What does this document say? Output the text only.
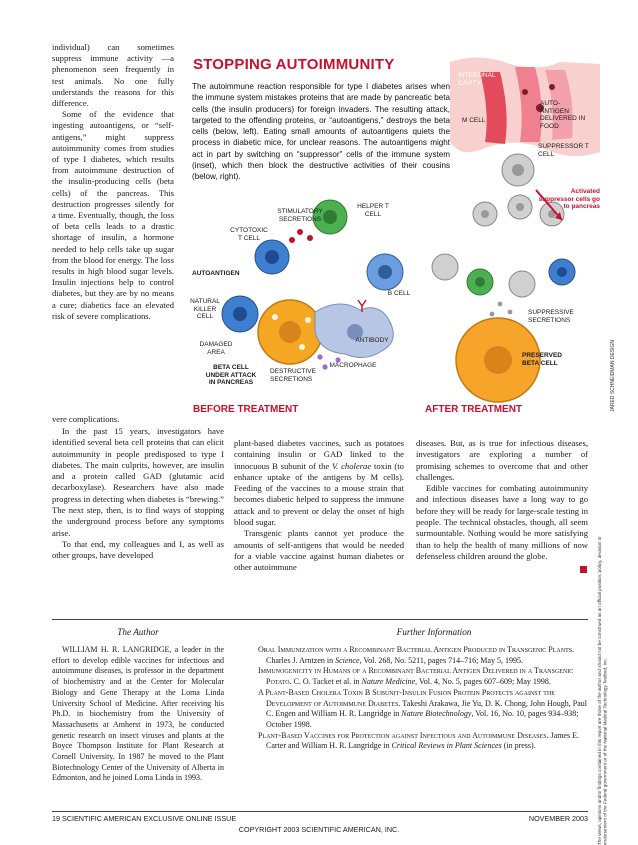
individual) can sometimes suppress immune activity —a phenomenon seen frequently in test animals. No one fully understands the reasons for this difference.

Some of the evidence that ingesting autoantigens, or “self-antigens,” might suppress autoimmunity comes from studies of type I diabetes, which results from autoimmune destruction of the insulin-producing cells (beta cells) of the pancreas. This destruction progresses silently for a time. Eventually, though, the loss of beta cells leads to a drastic shortage of insulin, a hormone needed to help cells take up sugar from the blood for energy. The loss results in high blood sugar levels. Insulin injections help to control diabetes, but they are by no means a cure; diabetics face an elevated risk of severe complications.

STOPPING AUTOIMMUNITY
The autoimmune reaction responsible for type I diabetes arises when the immune system mistakes proteins that are made by pancreatic beta cells (the insulin producers) for foreign invaders. The resulting attack, targeted to the offending proteins, or “autoantigens,” destroys the beta cells (below, left). Eating small amounts of autoantigens quiets the process in diabetic mice, for unclear reasons. The autoantigens might act in part by switching on “suppressor” cells of the immune system (inset), which then block the destructive activities of their cousins (below, right).
INTESTINAL CAVITY
AUTO-ANTIGEN DELIVERED IN FOOD
M CELL
SUPPRESSOR T CELL
Activated suppressor cells go to pancreas
STIMULATORY SECRETIONS
HELPER T CELL
CYTOTOXIC T CELL
AUTOANTIGEN
B CELL
NATURAL KILLER CELL
SUPPRESSIVE SECRETIONS
ANTIBODY
DAMAGED AREA	PRESERVED BETA CELL
MACROPHAGE
BETA CELL UNDER ATTACK IN PANCREAS
DESTRUCTIVE SECRETIONS
BEFORE TREATMENT	AFTER TREATMENT	JARED SCHNEIDMAN DESIGN

vere complications.

In the past 15 years, investigators have identified several beta cell proteins that can elicit autoimmunity in people predisposed to type I diabetes. The main culprits, however, are insulin and a protein called GAD (glutamic acid decarboxylase). Researchers have also made progress in detecting when diabetes is “brewing.” The next step, then, is to find ways of stopping the underground process before any symptoms arise.

To that end, my colleagues and I, as well as other groups, have developed

plant-based diabetes vaccines, such as potatoes containing insulin or GAD linked to the innocuous B subunit of the V. cholerae toxin (to enhance uptake of the antigens by M cells). Feeding of the vaccines to a mouse strain that becomes diabetic helped to suppress the immune attack and to prevent or delay the onset of high blood sugar.

Transgenic plants cannot yet produce the amounts of self-antigens that would be needed for a viable vaccine against human diabetes or other autoimmune

diseases. But, as is true for infectious diseases, investigators are exploring a number of promising schemes to overcome that and other challenges.

Edible vaccines for combating autoimmunity and infectious diseases have a long way to go before they will be ready for large-scale testing in people. The technical obstacles, though, all seem surmountable. Nothing would be more satisfying than to help the health of many millions of now defenseless children around the globe.

The Author	Further Information
WILLIAM H. R. LANGRIDGE, a leader in the effort to develop edible vaccines for infectious and autoimmune diseases, is professor in the department of biochemistry and at the Center for Molecular Biology and Gene Therapy at the Loma Linda University School of Medicine. After receiving his Ph.D. in biochemistry from the University of Massachusetts at Amherst in 1973, he conducted genetic research on insect viruses and plants at the Boyce Thompson Institute for Plant Research at Cornell University. In 1987 he moved to the Plant Biotechnology Center of the University of Alberta in Edmonton, and he joined Loma Linda in 1993.

Oral Immunization with a Recombinant Bacterial Antigen Produced in Transgenic Plants. Charles J. Arntzen in Science, Vol. 268, No. 5211, pages 714–716; May 5, 1995.

Immunogenicity in Humans of a Recombinant Bacterial Antigen Delivered in a Transgenic Potato. C. O. Tacket et al. in Nature Medicine, Vol. 4, No. 5, pages 607–609; May 1998.

A Plant-Based Cholera Toxin B Subunit-Insulin Fusion Protein Protects against the Development of Autoimmune Diabetes. Takeshi Arakawa, Jie Yu, D. K. Chong, John Hough, Paul C. Engen and William H. R. Langridge in Nature Biotechnology, Vol. 16, No. 10, pages 934–938; October 1998.

Plant-Based Vaccines for Protection against Infectious and Autoimmune Diseases. James E. Carter and William H. R. Langridge in Critical Reviews in Plant Sciences (in press).	The views, opinions and/or findings contained in this report are those of the author and should not be construed as an official position, policy, decision or endorsement of the Federal government or of the National Medical Technology Testbed, Inc.
19 SCIENTIFIC AMERICAN EXCLUSIVE ONLINE ISSUE	NOVEMBER 2003
COPYRIGHT 2003 SCIENTIFIC AMERICAN, INC.
